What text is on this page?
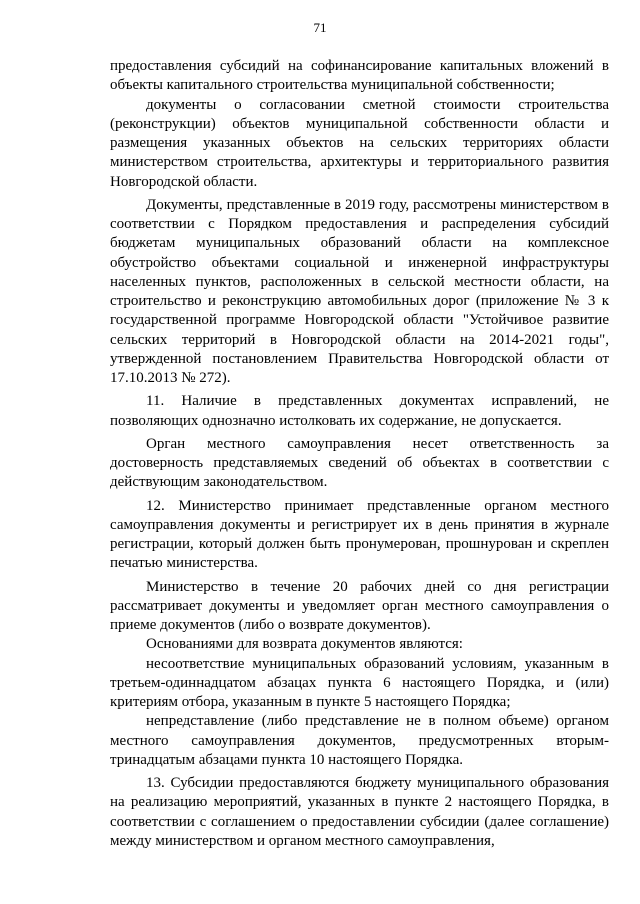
71

предоставления субсидий на софинансирование капитальных вложений в объекты капитального строительства муниципальной собственности;

документы о согласовании сметной стоимости строительства (реконструкции) объектов муниципальной собственности области и размещения указанных объектов на сельских территориях области министерством строительства, архитектуры и территориального развития Новгородской области.

Документы, представленные в 2019 году, рассмотрены министерством в соответствии с Порядком предоставления и распределения субсидий бюджетам муниципальных образований области на комплексное обустройство объектами социальной и инженерной инфраструктуры населенных пунктов, расположенных в сельской местности области, на строительство и реконструкцию автомобильных дорог (приложение № 3 к государственной программе Новгородской области "Устойчивое развитие сельских территорий в Новгородской области на 2014-2021 годы", утвержденной постановлением Правительства Новгородской области от 17.10.2013 № 272).

11. Наличие в представленных документах исправлений, не позволяющих однозначно истолковать их содержание, не допускается.

Орган местного самоуправления несет ответственность за достоверность представляемых сведений об объектах в соответствии с действующим законодательством.

12. Министерство принимает представленные органом местного самоуправления документы и регистрирует их в день принятия в журнале регистрации, который должен быть пронумерован, прошнурован и скреплен печатью министерства.

Министерство в течение 20 рабочих дней со дня регистрации рассматривает документы и уведомляет орган местного самоуправления о приеме документов (либо о возврате документов).

Основаниями для возврата документов являются:

несоответствие муниципальных образований условиям, указанным в третьем-одиннадцатом абзацах пункта 6 настоящего Порядка, и (или) критериям отбора, указанным в пункте 5 настоящего Порядка;

непредставление (либо представление не в полном объеме) органом местного самоуправления документов, предусмотренных вторым-тринадцатым абзацами пункта 10 настоящего Порядка.

13. Субсидии предоставляются бюджету муниципального образования на реализацию мероприятий, указанных в пункте 2 настоящего Порядка, в соответствии с соглашением о предоставлении субсидии (далее соглашение) между министерством и органом местного самоуправления,
